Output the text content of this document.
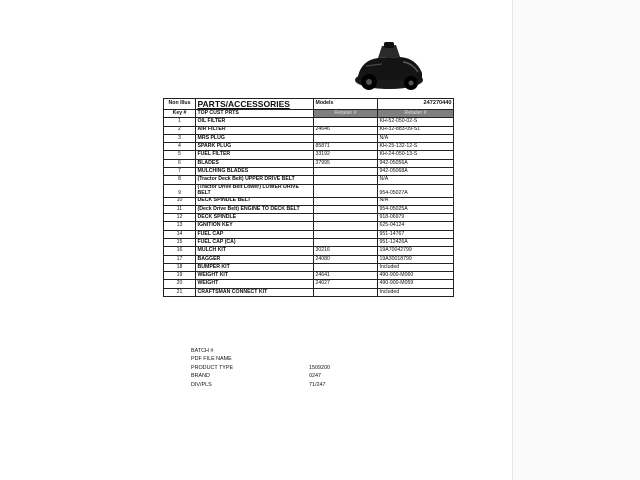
Non Illus	PARTS/ACCESSORIES	Models	247270440
Key #	TOP CUST PRTS	Retailer #	Retailer #
1	OIL FILTER		KH-52-050-02-S
2	AIR FILTER	24646	KH-32-883-09-S1
3	MRS PLUG		N/A
4	SPARK PLUG	85871	KH-25-132-12-S
5	FUEL FILTER	33192	KH-24-050-13-S
6	BLADES	37995	942-05056A
7	MULCHING BLADES		942-05068A
8	(Tractor Deck Belt) UPPER DRIVE BELT		N/A
9	(Tractor Drive Belt Lower) LOWER DRIVE BELT		954-05027A
10	DECK SPINDLE BELT		N/A
11	(Deck Drive Belt) ENGINE TO DECK BELT		954-05025A
12	DECK SPINDLE		918-06979
13	IGNITION KEY		625-04124
14	FUEL CAP		951-14767
15	FUEL CAP (CA)		951-12426A
16	MULCH KIT	30216	19A70042799
17	BAGGER	24080	19A30018799
18	BUMPER KIT		Included
19	WEIGHT KIT	24641	490-900-M060
20	WEIGHT	24027	490-900-M059
21	CRAFTSMAN CONNECT KIT		Included
BATCH #
PDF FILE NAME
PRODUCT TYPE	1509200
BRAND	0247
DIV/PLS	71/247
